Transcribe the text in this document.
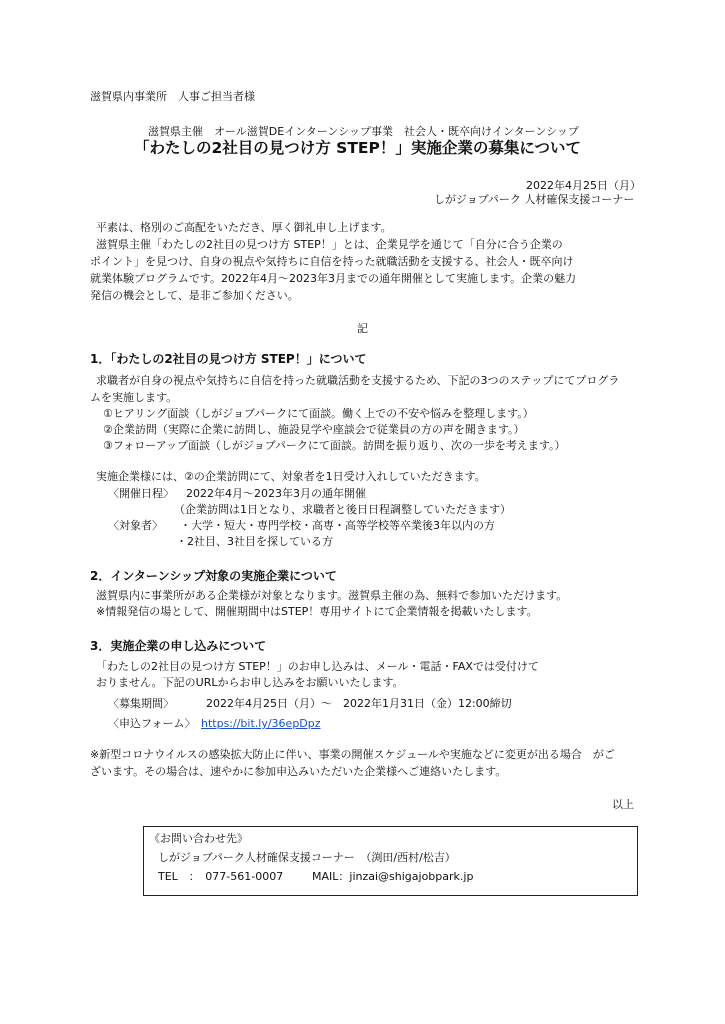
滋賀県内事業所　人事ご担当者様
滋賀県主催　オール滋賀DEインターンシップ事業　社会人・既卒向けインターンシップ
「わたしの2社目の見つけ方 STEP！」実施企業の募集について
2022年4月25日（月）
しがジョブパーク 人材確保支援コーナー
平素は、格別のご高配をいただき、厚く御礼申し上げます。
滋賀県主催「わたしの2社目の見つけ方 STEP！」とは、企業見学を通じて「自分に合う企業の
ポイント」を見つけ、自身の視点や気持ちに自信を持った就職活動を支援する、社会人・既卒向け
就業体験プログラムです。2022年4月～2023年3月までの通年開催として実施します。企業の魅力
発信の機会として、是非ご参加ください。
記
1．「わたしの2社目の見つけ方 STEP！」について
求職者が自身の視点や気持ちに自信を持った就職活動を支援するため、下記の3つのステップにてプログラ
ムを実施します。
①ヒアリング面談（しがジョブパークにて面談。働く上での不安や悩みを整理します。）
②企業訪問（実際に企業に訪問し、施設見学や座談会で従業員の方の声を聞きます。）
③フォローアップ面談（しがジョブパークにて面談。訪問を振り返り、次の一歩を考えます。）
実施企業様には、②の企業訪問にて、対象者を1日受け入れしていただきます。
〈開催日程〉 2022年4月～2023年3月の通年開催
（企業訪問は1日となり、求職者と後日日程調整していただきます）
〈対象者〉 ・大学・短大・専門学校・高専・高等学校等卒業後3年以内の方
・2社目、3社目を探している方
2．インターンシップ対象の実施企業について
滋賀県内に事業所がある企業様が対象となります。滋賀県主催の為、無料で参加いただけます。
※情報発信の場として、開催期間中はSTEP！専用サイトにて企業情報を掲載いたします。
3．実施企業の申し込みについて
「わたしの2社目の見つけ方 STEP！」のお申し込みは、メール・電話・FAXでは受付けて
おりません。下記のURLからお申し込みをお願いいたします。
〈募集期間〉	2022年4月25日（月）～　2022年1月31日（金）12:00締切
〈申込フォーム〉 https://bit.ly/36epDpz
※新型コロナウイルスの感染拡大防止に伴い、事業の開催スケジュールや実施などに変更が出る場合　がご
ざいます。その場合は、速やかに参加申込みいただいた企業様へご連絡いたします。
以上
《お問い合わせ先》
しがジョブパーク人材確保支援コーナー　（渕田/西村/松吉）
TEL　：　077-561-0007	MAIL：jinzai@shigajobpark.jp
